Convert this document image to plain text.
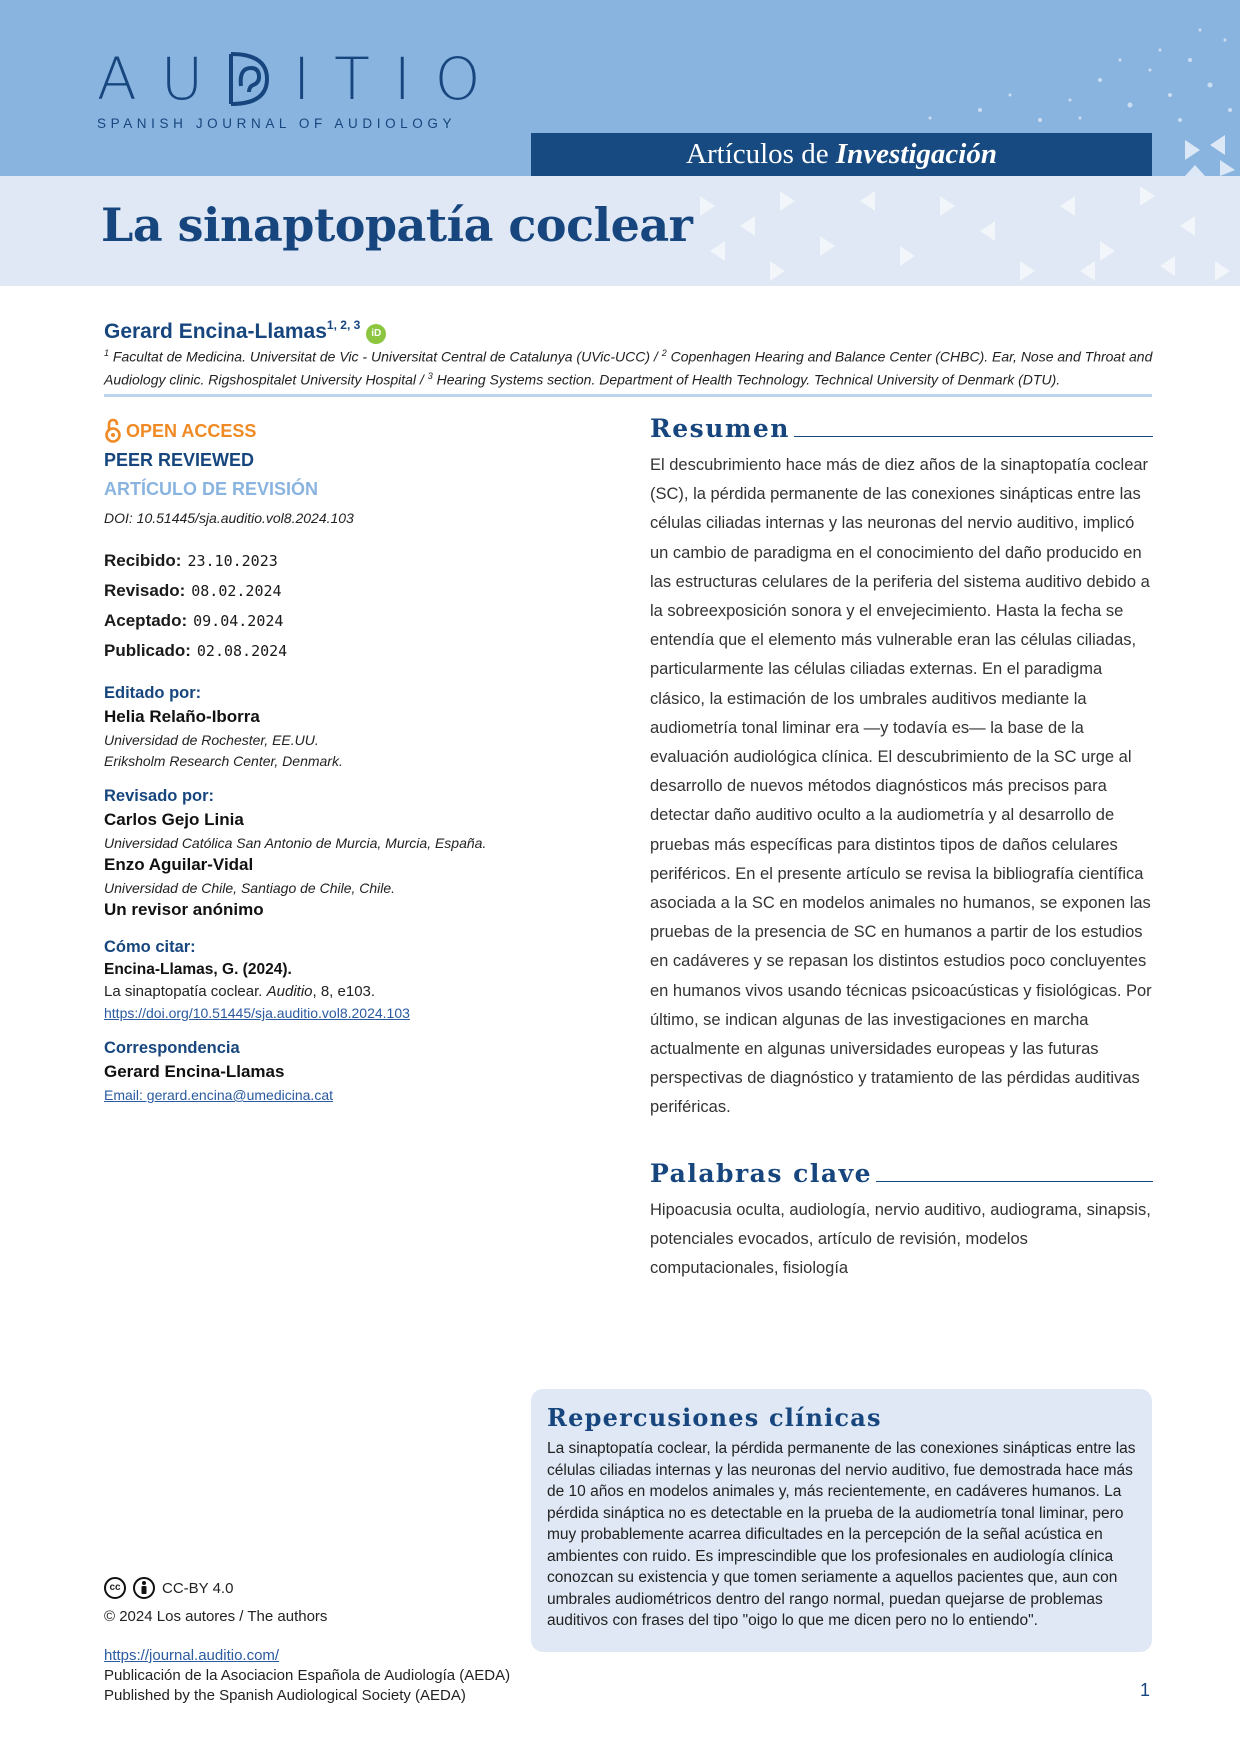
A U I T I O
SPANISH JOURNAL OF AUDIOLOGY
Artículos de Investigación
La sinaptopatía coclear
Gerard Encina-Llamas$^{1, 2, 3}$iD
$^1$ Facultat de Medicina. Universitat de Vic - Universitat Central de Catalunya (UVic-UCC) / $^2$ Copenhagen Hearing and Balance Center (CHBC). Ear, Nose and Throat and Audiology clinic. Rigshospitalet University Hospital / $^3$ Hearing Systems section. Department of Health Technology. Technical University of Denmark (DTU).
OPEN ACCESS
PEER REVIEWED
ARTÍCULO DE REVISIÓN
DOI: 10.51445/sja.auditio.vol8.2024.103
Recibido: 23.10.2023
Revisado: 08.02.2024
Aceptado: 09.04.2024
Publicado: 02.08.2024
Editado por:
Helia Relaño-Iborra
Universidad de Rochester, EE.UU.
Eriksholm Research Center, Denmark.
Revisado por:
Carlos Gejo Linia
Universidad Católica San Antonio de Murcia, Murcia, España.
Enzo Aguilar-Vidal
Universidad de Chile, Santiago de Chile, Chile.
Un revisor anónimo
Cómo citar:
Encina-Llamas, G. (2024).
La sinaptopatía coclear. Auditio, 8, e103.
https://doi.org/10.51445/sja.auditio.vol8.2024.103
Correspondencia
Gerard Encina-Llamas
Email: gerard.encina@umedicina.cat
Resumen

El descubrimiento hace más de diez años de la sinaptopatía coclear (SC), la pérdida permanente de las conexiones sinápticas entre las células ciliadas internas y las neuronas del nervio auditivo, implicó un cambio de paradigma en el conocimiento del daño producido en las estructuras celulares de la periferia del sistema auditivo debido a la sobreexposición sonora y el envejecimiento. Hasta la fecha se entendía que el elemento más vulnerable eran las células ciliadas, particularmente las células ciliadas externas. En el paradigma clásico, la estimación de los umbrales auditivos mediante la audiometría tonal liminar era —y todavía es— la base de la evaluación audiológica clínica. El descubrimiento de la SC urge al desarrollo de nuevos métodos diagnósticos más precisos para detectar daño auditivo oculto a la audiometría y al desarrollo de pruebas más específicas para distintos tipos de daños celulares periféricos. En el presente artículo se revisa la bibliografía científica asociada a la SC en modelos animales no humanos, se exponen las pruebas de la presencia de SC en humanos a partir de los estudios en cadáveres y se repasan los distintos estudios poco concluyentes en humanos vivos usando técnicas psicoacústicas y fisiológicas. Por último, se indican algunas de las investigaciones en marcha actualmente en algunas universidades europeas y las futuras perspectivas de diagnóstico y tratamiento de las pérdidas auditivas periféricas.

Palabras clave

Hipoacusia oculta, audiología, nervio auditivo, audiograma, sinapsis, potenciales evocados, artículo de revisión, modelos computacionales, fisiología

Repercusiones clínicas

La sinaptopatía coclear, la pérdida permanente de las conexiones sinápticas entre las células ciliadas internas y las neuronas del nervio auditivo, fue demostrada hace más de 10 años en modelos animales y, más recientemente, en cadáveres humanos. La pérdida sináptica no es detectable en la prueba de la audiometría tonal liminar, pero muy probablemente acarrea dificultades en la percepción de la señal acústica en ambientes con ruido. Es imprescindible que los profesionales en audiología clínica conozcan su existencia y que tomen seriamente a aquellos pacientes que, aun con umbrales audiométricos dentro del rango normal, puedan quejarse de problemas auditivos con frases del tipo "oigo lo que me dicen pero no lo entiendo".

cc	CC-BY 4.0
© 2024 Los autores / The authors
https://journal.auditio.com/
Publicación de la Asociacion Española de Audiología (AEDA)
Published by the Spanish Audiological Society (AEDA)	1
